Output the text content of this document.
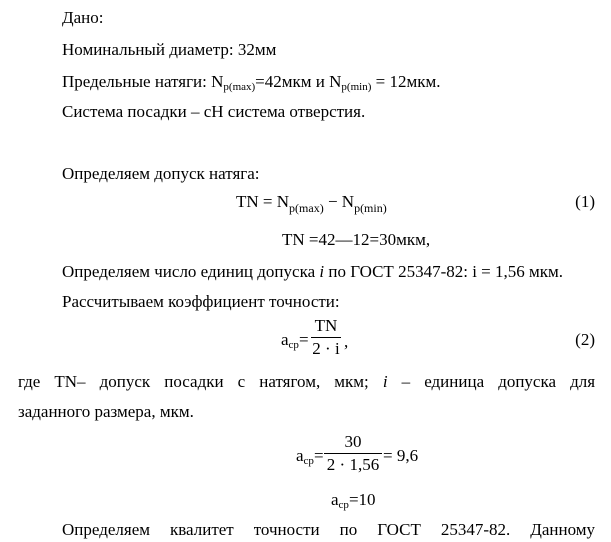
Дано:
Номинальный диаметр: 32мм
Предельные натяги: $N_{p(max)}=42мкм$ и $N_{p(min)} = 12мкм$.
Система посадки – сН система отверстия.
Определяем допуск натяга:
TN = $N_{p(max)} - N_{p(min)}$	(1)
TN =42—12=30мкм,
Определяем число единиц допуска i по ГОСТ 25347-82: i = 1,56 мкм.
Рассчитываем коэффициент точности:
$a_{cp}=$
TN
2 · i ,	(2)
где TN– допуск посадки с натягом, мкм; i – единица допуска для
заданного размера, мкм.
$a_{cp}=$
30
2 · 1,56 = 9,6
$a_{cp}=10$
Определяем квалитет точности по ГОСТ 25347-82. Данному
